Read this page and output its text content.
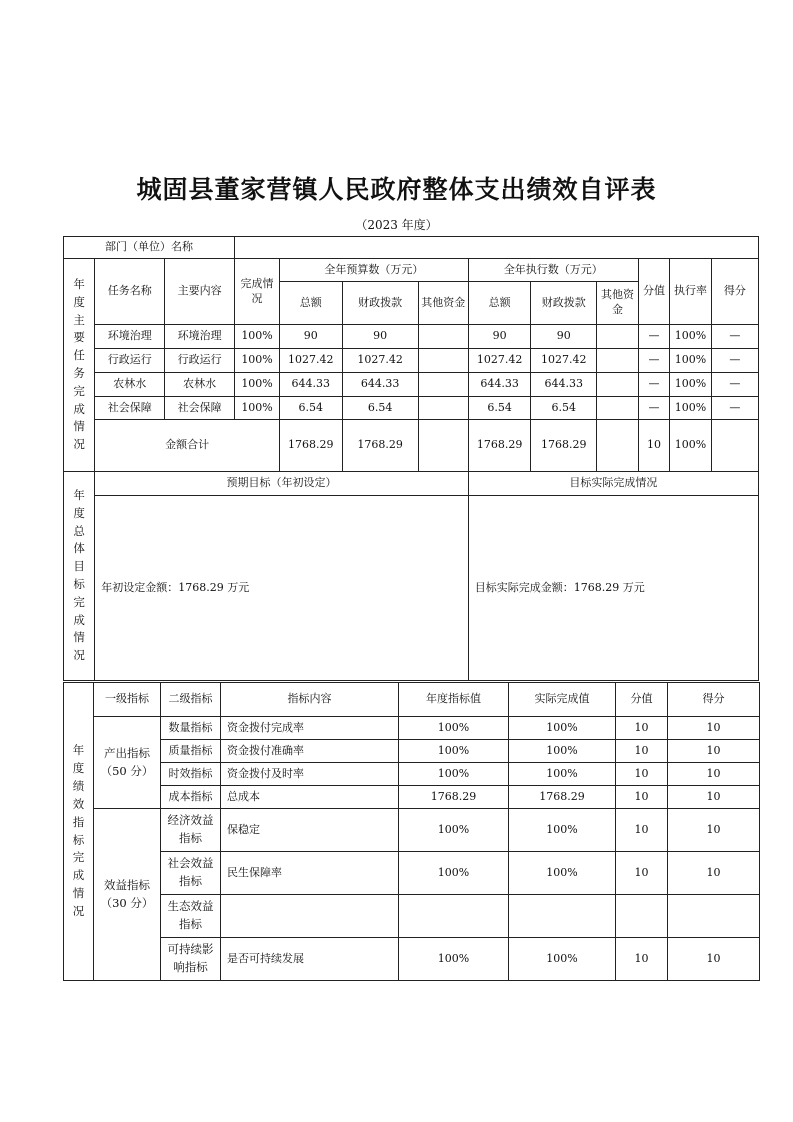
城固县董家营镇人民政府整体支出绩效自评表
（2023 年度）
部门（单位）名称												
年度主要任务完成情况	任务名称	主要内容	完成情况	全年预算数（万元）			全年执行数（万元）			分值	执行率	得分
				总额	财政拨款	其他资金	总额	财政拨款	其他资金			
	环境治理	环境治理	100%	90	90		90	90		—	100%	—
	行政运行	行政运行	100%	1027.42	1027.42		1027.42	1027.42		—	100%	—
	农林水	农林水	100%	644.33	644.33		644.33	644.33		—	100%	—
	社会保障	社会保障	100%	6.54	6.54		6.54	6.54		—	100%	—
	金额合计			1768.29	1768.29		1768.29	1768.29		10	100%	

年度总体目标完成情况	预期目标（年初设定）						目标实际完成情况					
	年初设定金额：1768.29 万元						目标实际完成金额：1768.29 万元					
年度绩效指标完成情况	一级指标	二级指标	指标内容	年度指标值	实际完成值	分值	得分
	产出指标（50 分）	数量指标	资金拨付完成率	100%	100%	10	10
		质量指标	资金拨付准确率	100%	100%	10	10
		时效指标	资金拨付及时率	100%	100%	10	10
		成本指标	总成本	1768.29	1768.29	10	10
	效益指标（30 分）	经济效益指标	保稳定	100%	100%	10	10
		社会效益指标	民生保障率	100%	100%	10	10
		生态效益指标					
		可持续影响指标	是否可持续发展	100%	100%	10	10
